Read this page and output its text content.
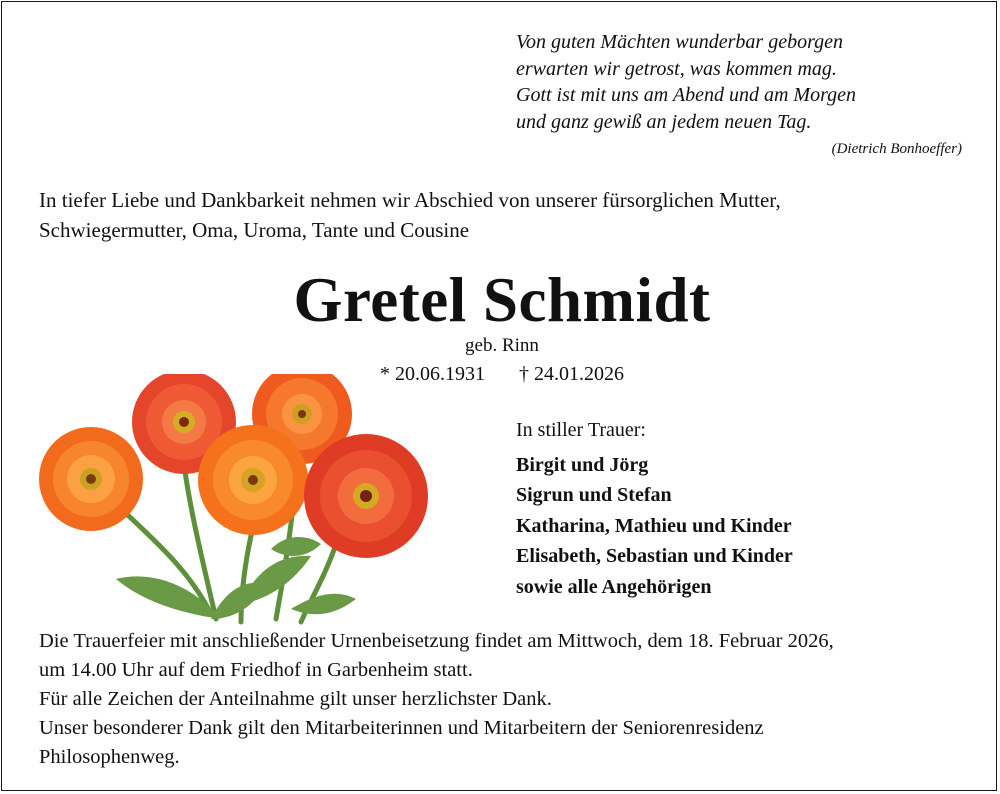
Von guten Mächten wunderbar geborgen
erwarten wir getrost, was kommen mag.
Gott ist mit uns am Abend und am Morgen
und ganz gewiß an jedem neuen Tag.
(Dietrich Bonhoeffer)
In tiefer Liebe und Dankbarkeit nehmen wir Abschied von unserer fürsorglichen Mutter,
Schwiegermutter, Oma, Uroma, Tante und Cousine
Gretel Schmidt
geb. Rinn
* 20.06.1931 † 24.01.2026
In stiller Trauer:
Birgit und Jörg
Sigrun und Stefan
Katharina, Mathieu und Kinder
Elisabeth, Sebastian und Kinder
sowie alle Angehörigen
Die Trauerfeier mit anschließender Urnenbeisetzung findet am Mittwoch, dem 18. Februar 2026,
um 14.00 Uhr auf dem Friedhof in Garbenheim statt.
Für alle Zeichen der Anteilnahme gilt unser herzlichster Dank.
Unser besonderer Dank gilt den Mitarbeiterinnen und Mitarbeitern der Seniorenresidenz
Philosophenweg.
